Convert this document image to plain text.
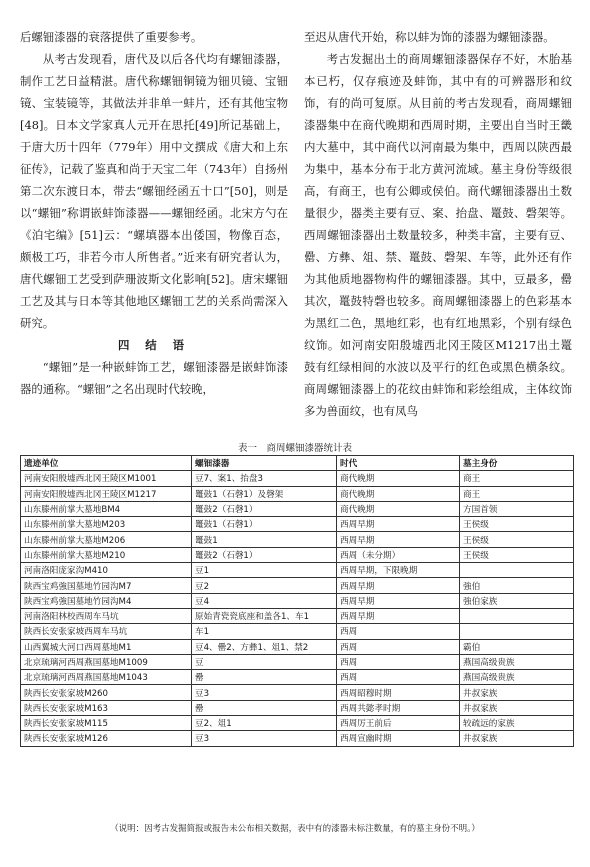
后螺钿漆器的衰落提供了重要参考。

从考古发现看，唐代及以后各代均有螺钿漆器，制作工艺日益精湛。唐代称螺钿铜镜为钿贝镜、宝钿镜、宝装镜等，其做法并非单一蚌片，还有其他宝物[48]。日本文学家真人元开在思托[49]所记基础上，于唐大历十四年（779年）用中文撰成《唐大和上东征传》，记载了鉴真和尚于天宝二年（743年）自扬州第二次东渡日本，带去“螺钿经函五十口”[50]，则是以“螺钿”称谓嵌蚌饰漆器——螺钿经函。北宋方勺在《泊宅编》[51]云：“螺填器本出倭国，物像百态，颇极工巧，非若今市人所售者。”近来有研究者认为，唐代螺钿工艺受到萨珊波斯文化影响[52]。唐宋螺钿工艺及其与日本等其他地区螺钿工艺的关系尚需深入研究。

四 结 语

“螺钿”是一种嵌蚌饰工艺，螺钿漆器是嵌蚌饰漆器的通称。“螺钿”之名出现时代较晚，

至迟从唐代开始，称以蚌为饰的漆器为螺钿漆器。

考古发掘出土的商周螺钿漆器保存不好，木胎基本已朽，仅存痕迹及蚌饰，其中有的可辨器形和纹饰，有的尚可复原。从目前的考古发现看，商周螺钿漆器集中在商代晚期和西周时期，主要出自当时王畿内大墓中，其中商代以河南最为集中，西周以陕西最为集中，基本分布于北方黄河流域。墓主身份等级很高，有商王，也有公卿或侯伯。商代螺钿漆器出土数量很少，器类主要有豆、案、抬盘、鼍鼓、磬架等。西周螺钿漆器出土数量较多，种类丰富，主要有豆、罍、方彝、俎、禁、鼍鼓、磬架、车等，此外还有作为其他质地器物构件的螺钿漆器。其中，豆最多，罍其次，鼍鼓特磬也较多。商周螺钿漆器上的色彩基本为黑红二色，黑地红彩，也有红地黑彩，个别有绿色纹饰。如河南安阳殷墟西北冈王陵区M1217出土鼍鼓有红绿相间的水波以及平行的红色或黑色横条纹。商周螺钿漆器上的花纹由蚌饰和彩绘组成，主体纹饰多为兽面纹，也有凤鸟

表一　商周螺钿漆器统计表
遗迹单位	螺钿漆器	时代	墓主身份
河南安阳殷墟西北冈王陵区M1001	豆7、案1、抬盘3	商代晚期	商王
河南安阳殷墟西北冈王陵区M1217	鼍鼓1（石磬1）及磬架	商代晚期	商王
山东滕州前掌大墓地BM4	鼍鼓2（石磬1）	商代晚期	方国首领
山东滕州前掌大墓地M203	鼍鼓1（石磬1）	西周早期	王侯级
山东滕州前掌大墓地M206	鼍鼓1	西周早期	王侯级
山东滕州前掌大墓地M210	鼍鼓2（石磬1）	西周（未分期）	王侯级
河南洛阳庞家沟M410	豆1	西周早期，下限晚期	
陕西宝鸡強国墓地竹园沟M7	豆2	西周早期	強伯
陕西宝鸡強国墓地竹园沟M4	豆4	西周早期	強伯家族
河南洛阳林校西周车马坑	原始青瓷瓷底座和盖各1、车1	西周早期	
陕西长安张家坡西周车马坑	车1	西周	
山西翼城大河口西周墓地M1	豆4、罍2、方彝1、俎1、禁2	西周	霸伯
北京琉璃河西周燕国墓地M1009	豆	西周	燕国高级贵族
北京琉璃河西周燕国墓地M1043	罍	西周	燕国高级贵族
陕西长安张家坡M260	豆3	西周昭穆时期	井叔家族
陕西长安张家坡M163	罍	西周共懿孝时期	井叔家族
陕西长安张家坡M115	豆2、俎1	西周厉王前后	较疏远的家族
陕西长安张家坡M126	豆3	西周宣幽时期	井叔家族
（说明：因考古发掘简报或报告未公布相关数据，表中有的漆器未标注数量，有的墓主身份不明。）
